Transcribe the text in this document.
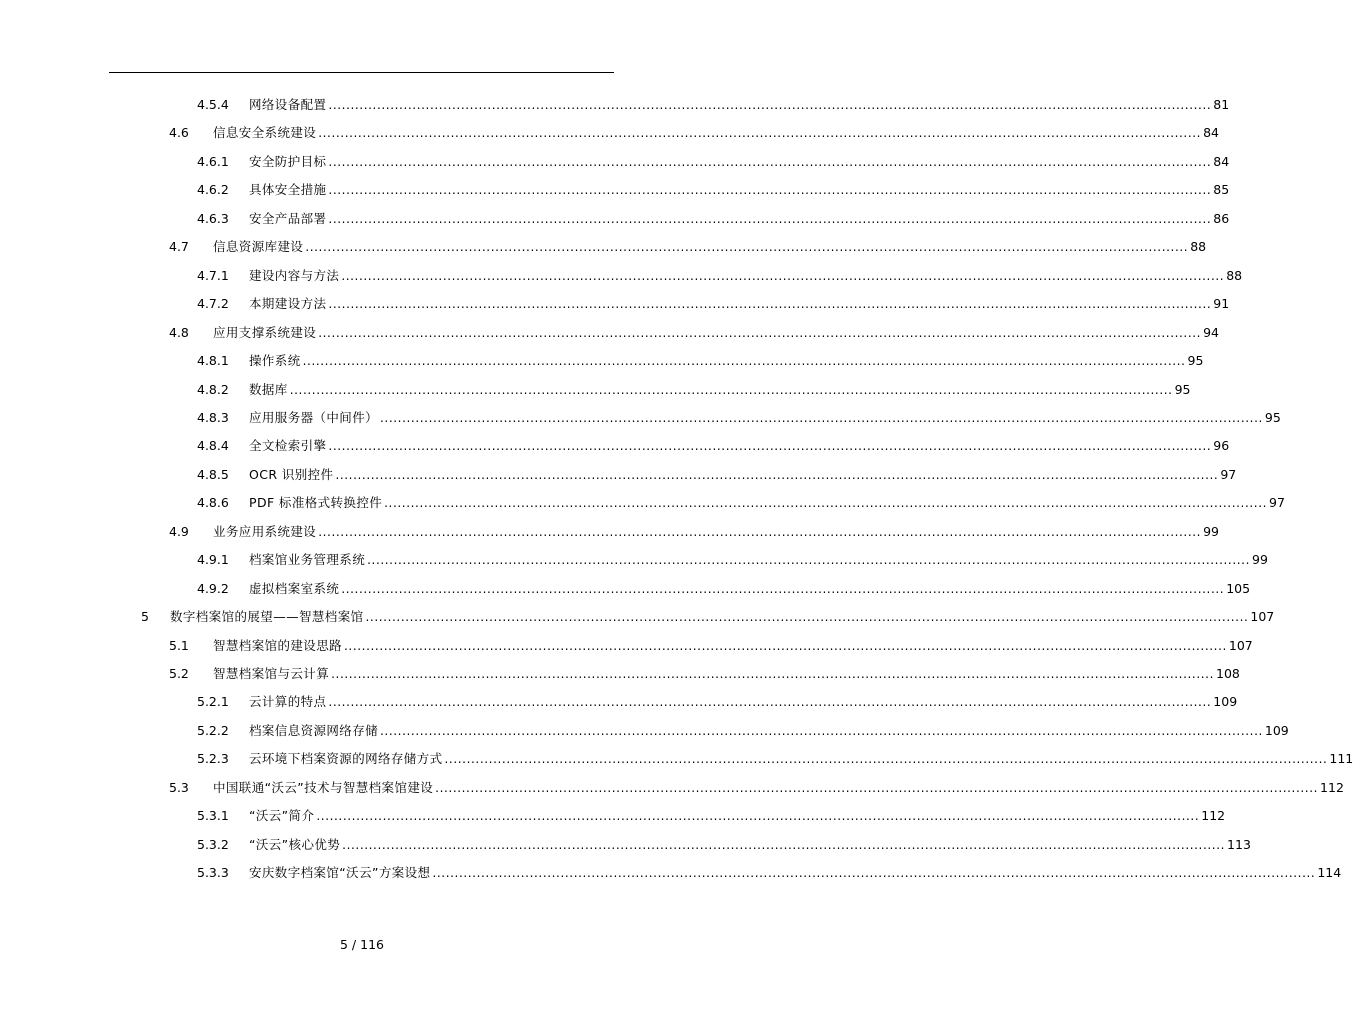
4.5.4	网络设备配置 ........................................................................................................................................................................................................ 81
4.6	信息安全系统建设 ........................................................................................................................................................................................................ 84
4.6.1	安全防护目标 ........................................................................................................................................................................................................ 84
4.6.2	具体安全措施 ........................................................................................................................................................................................................ 85
4.6.3	安全产品部署 ........................................................................................................................................................................................................ 86
4.7	信息资源库建设 ........................................................................................................................................................................................................ 88
4.7.1	建设内容与方法 ........................................................................................................................................................................................................ 88
4.7.2	本期建设方法 ........................................................................................................................................................................................................ 91
4.8	应用支撑系统建设 ........................................................................................................................................................................................................ 94
4.8.1	操作系统 ........................................................................................................................................................................................................ 95
4.8.2	数据库 ........................................................................................................................................................................................................ 95
4.8.3	应用服务器（中间件） ........................................................................................................................................................................................................ 95
4.8.4	全文检索引擎 ........................................................................................................................................................................................................ 96
4.8.5	OCR 识别控件 ........................................................................................................................................................................................................ 97
4.8.6	PDF 标准格式转换控件 ........................................................................................................................................................................................................ 97
4.9	业务应用系统建设 ........................................................................................................................................................................................................ 99
4.9.1	档案馆业务管理系统 ........................................................................................................................................................................................................ 99
4.9.2	虚拟档案室系统 ........................................................................................................................................................................................................ 105
5	数字档案馆的展望——智慧档案馆 ........................................................................................................................................................................................................ 107
5.1	智慧档案馆的建设思路 ........................................................................................................................................................................................................ 107
5.2	智慧档案馆与云计算 ........................................................................................................................................................................................................ 108
5.2.1	云计算的特点 ........................................................................................................................................................................................................ 109
5.2.2	档案信息资源网络存储 ........................................................................................................................................................................................................ 109
5.2.3	云环境下档案资源的网络存储方式 ........................................................................................................................................................................................................ 111
5.3	中国联通“沃云”技术与智慧档案馆建设 ........................................................................................................................................................................................................ 112
5.3.1	“沃云”简介 ........................................................................................................................................................................................................ 112
5.3.2	“沃云”核心优势 ........................................................................................................................................................................................................ 113
5.3.3	安庆数字档案馆“沃云”方案设想 ........................................................................................................................................................................................................ 114
5 / 116
